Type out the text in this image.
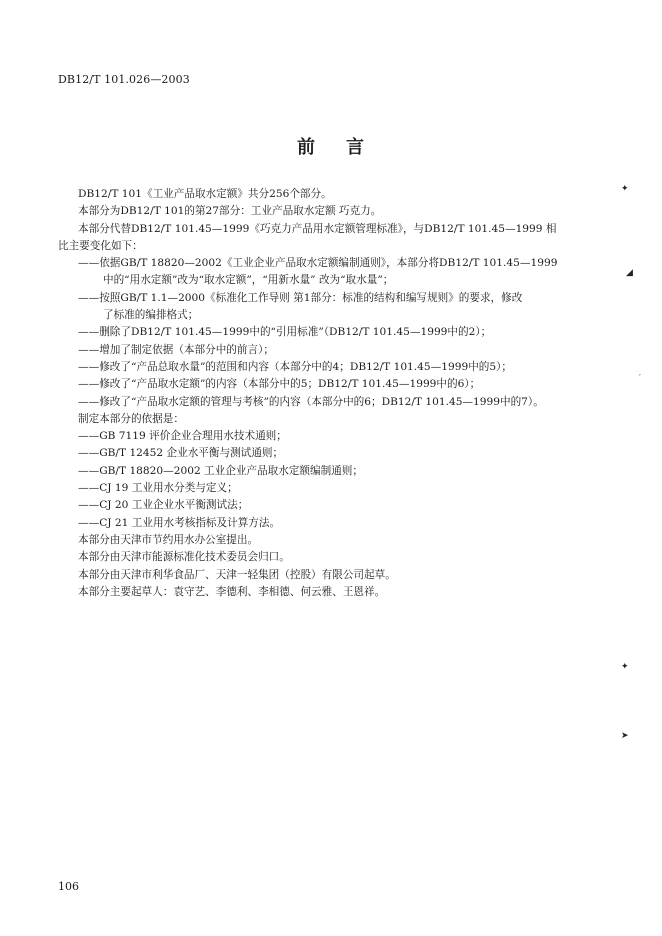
DB12/T 101.026—2003
前 言
DB12/T 101《工业产品取水定额》共分256个部分。
本部分为DB12/T 101的第27部分：工业产品取水定额 巧克力。
本部分代替DB12/T 101.45—1999《巧克力产品用水定额管理标准》，与DB12/T 101.45—1999 相
比主要变化如下：
——依据GB/T 18820—2002《工业企业产品取水定额编制通则》，本部分将DB12/T 101.45—1999
中的“用水定额”改为“取水定额”，“用新水量” 改为“取水量”；
——按照GB/T 1.1—2000《标准化工作导则 第1部分：标准的结构和编写规则》的要求，修改
了标准的编排格式；
——删除了DB12/T 101.45—1999中的“引用标准”（DB12/T 101.45—1999中的2）；
——增加了制定依据（本部分中的前言）；
——修改了“产品总取水量”的范围和内容（本部分中的4；DB12/T 101.45—1999中的5）；
——修改了“产品取水定额”的内容（本部分中的5；DB12/T 101.45—1999中的6）；
——修改了“产品取水定额的管理与考核”的内容（本部分中的6；DB12/T 101.45—1999中的7）。
制定本部分的依据是：
——GB 7119 评价企业合理用水技术通则；
——GB/T 12452 企业水平衡与测试通则；
——GB/T 18820—2002 工业企业产品取水定额编制通则；
——CJ 19 工业用水分类与定义；
——CJ 20 工业企业水平衡测试法；
——CJ 21 工业用水考核指标及计算方法。
本部分由天津市节约用水办公室提出。
本部分由天津市能源标准化技术委员会归口。
本部分由天津市利华食品厂、天津一轻集团（控股）有限公司起草。
本部分主要起草人：袁守艺、李德利、李相德、何云雅、王恩祥。
106
✦
◢
,
✦
➤
